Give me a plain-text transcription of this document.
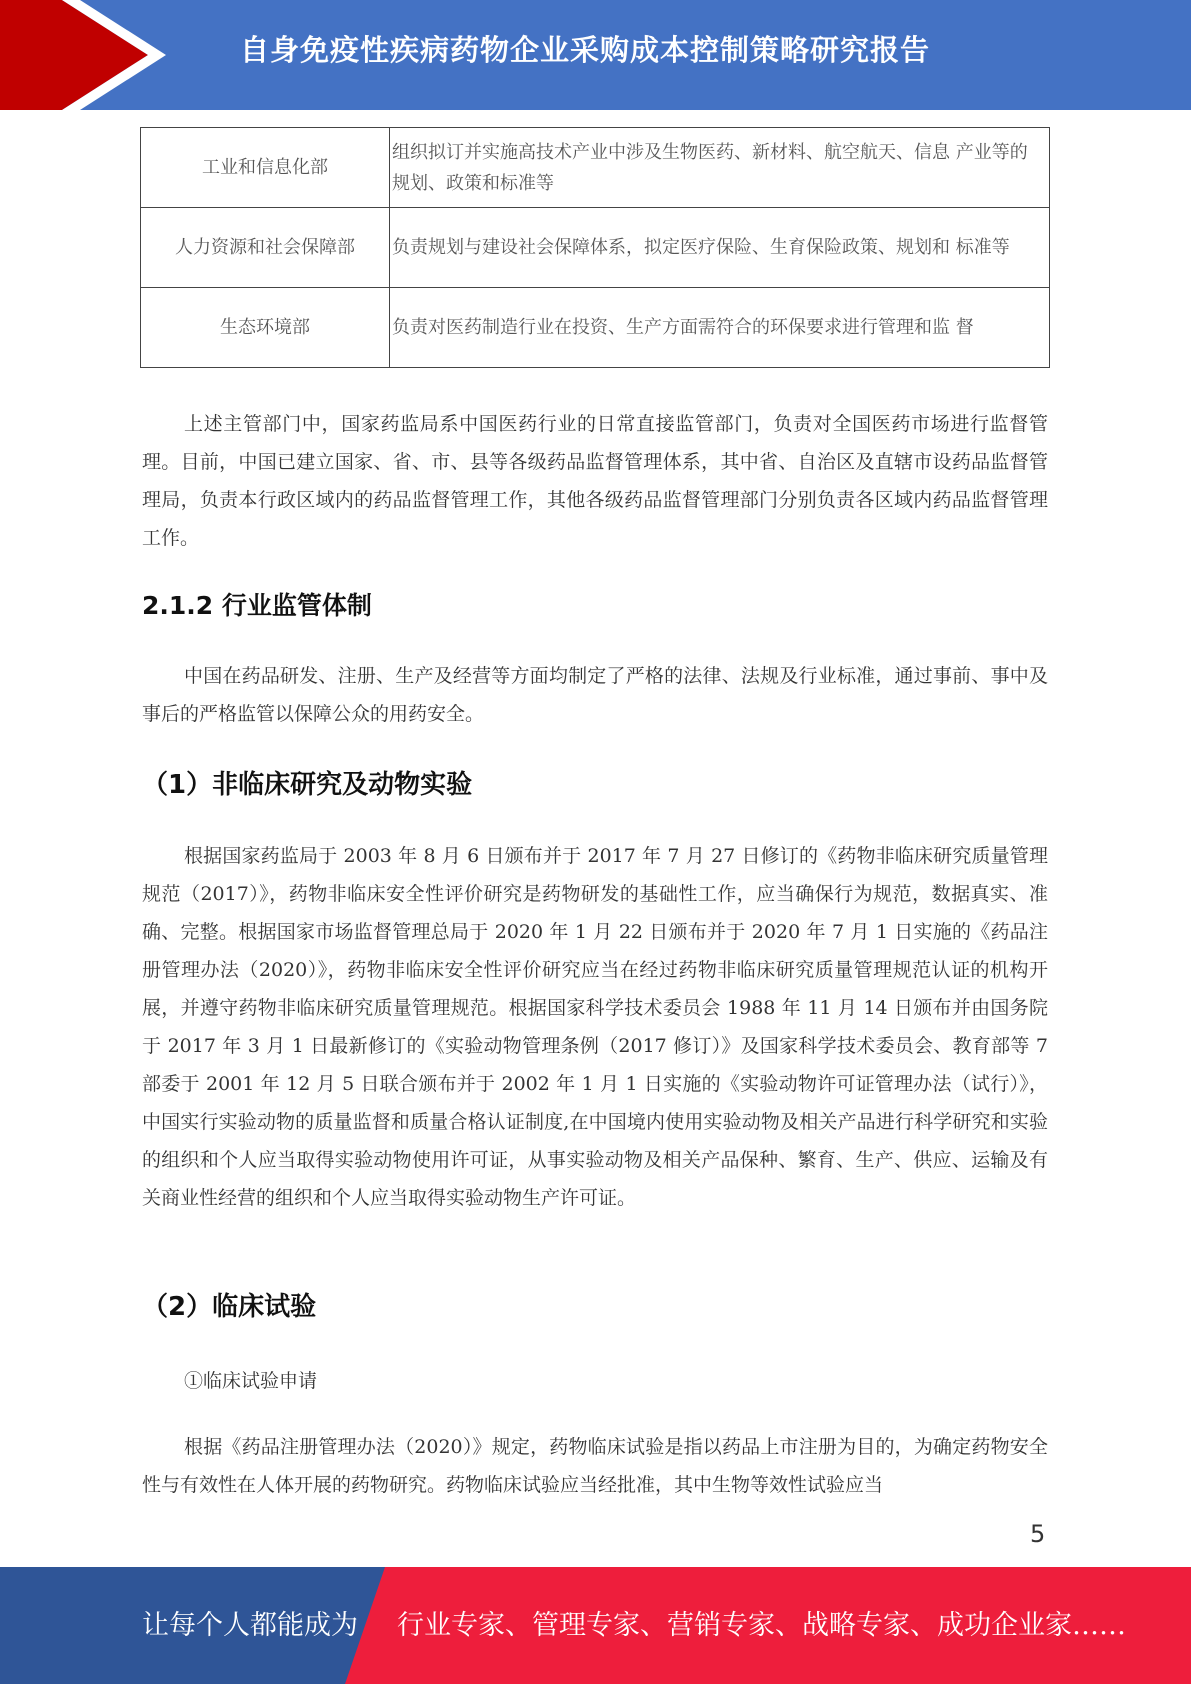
自身免疫性疾病药物企业采购成本控制策略研究报告
工业和信息化部	组织拟订并实施高技术产业中涉及生物医药、新材料、航空航天、信息 产业等的规划、政策和标准等
人力资源和社会保障部	负责规划与建设社会保障体系，拟定医疗保险、生育保险政策、规划和 标准等
生态环境部	负责对医药制造行业在投资、生产方面需符合的环保要求进行管理和监 督

上述主管部门中，国家药监局系中国医药行业的日常直接监管部门，负责对全国医药市场进行监督管理。目前，中国已建立国家、省、市、县等各级药品监督管理体系，其中省、自治区及直辖市设药品监督管理局，负责本行政区域内的药品监督管理工作，其他各级药品监督管理部门分别负责各区域内药品监督管理工作。

2.1.2 行业监管体制

中国在药品研发、注册、生产及经营等方面均制定了严格的法律、法规及行业标准，通过事前、事中及事后的严格监管以保障公众的用药安全。

（1）非临床研究及动物实验

根据国家药监局于 2003 年 8 月 6 日颁布并于 2017 年 7 月 27 日修订的《药物非临床研究质量管理规范（2017）》，药物非临床安全性评价研究是药物研发的基础性工作，应当确保行为规范，数据真实、准确、完整。根据国家市场监督管理总局于 2020 年 1 月 22 日颁布并于 2020 年 7 月 1 日实施的《药品注册管理办法（2020）》，药物非临床安全性评价研究应当在经过药物非临床研究质量管理规范认证的机构开展，并遵守药物非临床研究质量管理规范。根据国家科学技术委员会 1988 年 11 月 14 日颁布并由国务院于 2017 年 3 月 1 日最新修订的《实验动物管理条例（2017 修订）》及国家科学技术委员会、教育部等 7 部委于 2001 年 12 月 5 日联合颁布并于 2002 年 1 月 1 日实施的《实验动物许可证管理办法（试行）》，中国实行实验动物的质量监督和质量合格认证制度,在中国境内使用实验动物及相关产品进行科学研究和实验的组织和个人应当取得实验动物使用许可证，从事实验动物及相关产品保种、繁育、生产、供应、运输及有关商业性经营的组织和个人应当取得实验动物生产许可证。

（2）临床试验

①临床试验申请

根据《药品注册管理办法（2020）》规定，药物临床试验是指以药品上市注册为目的，为确定药物安全性与有效性在人体开展的药物研究。药物临床试验应当经批准，其中生物等效性试验应当

5
让每个人都能成为 行业专家、管理专家、营销专家、战略专家、成功企业家……
